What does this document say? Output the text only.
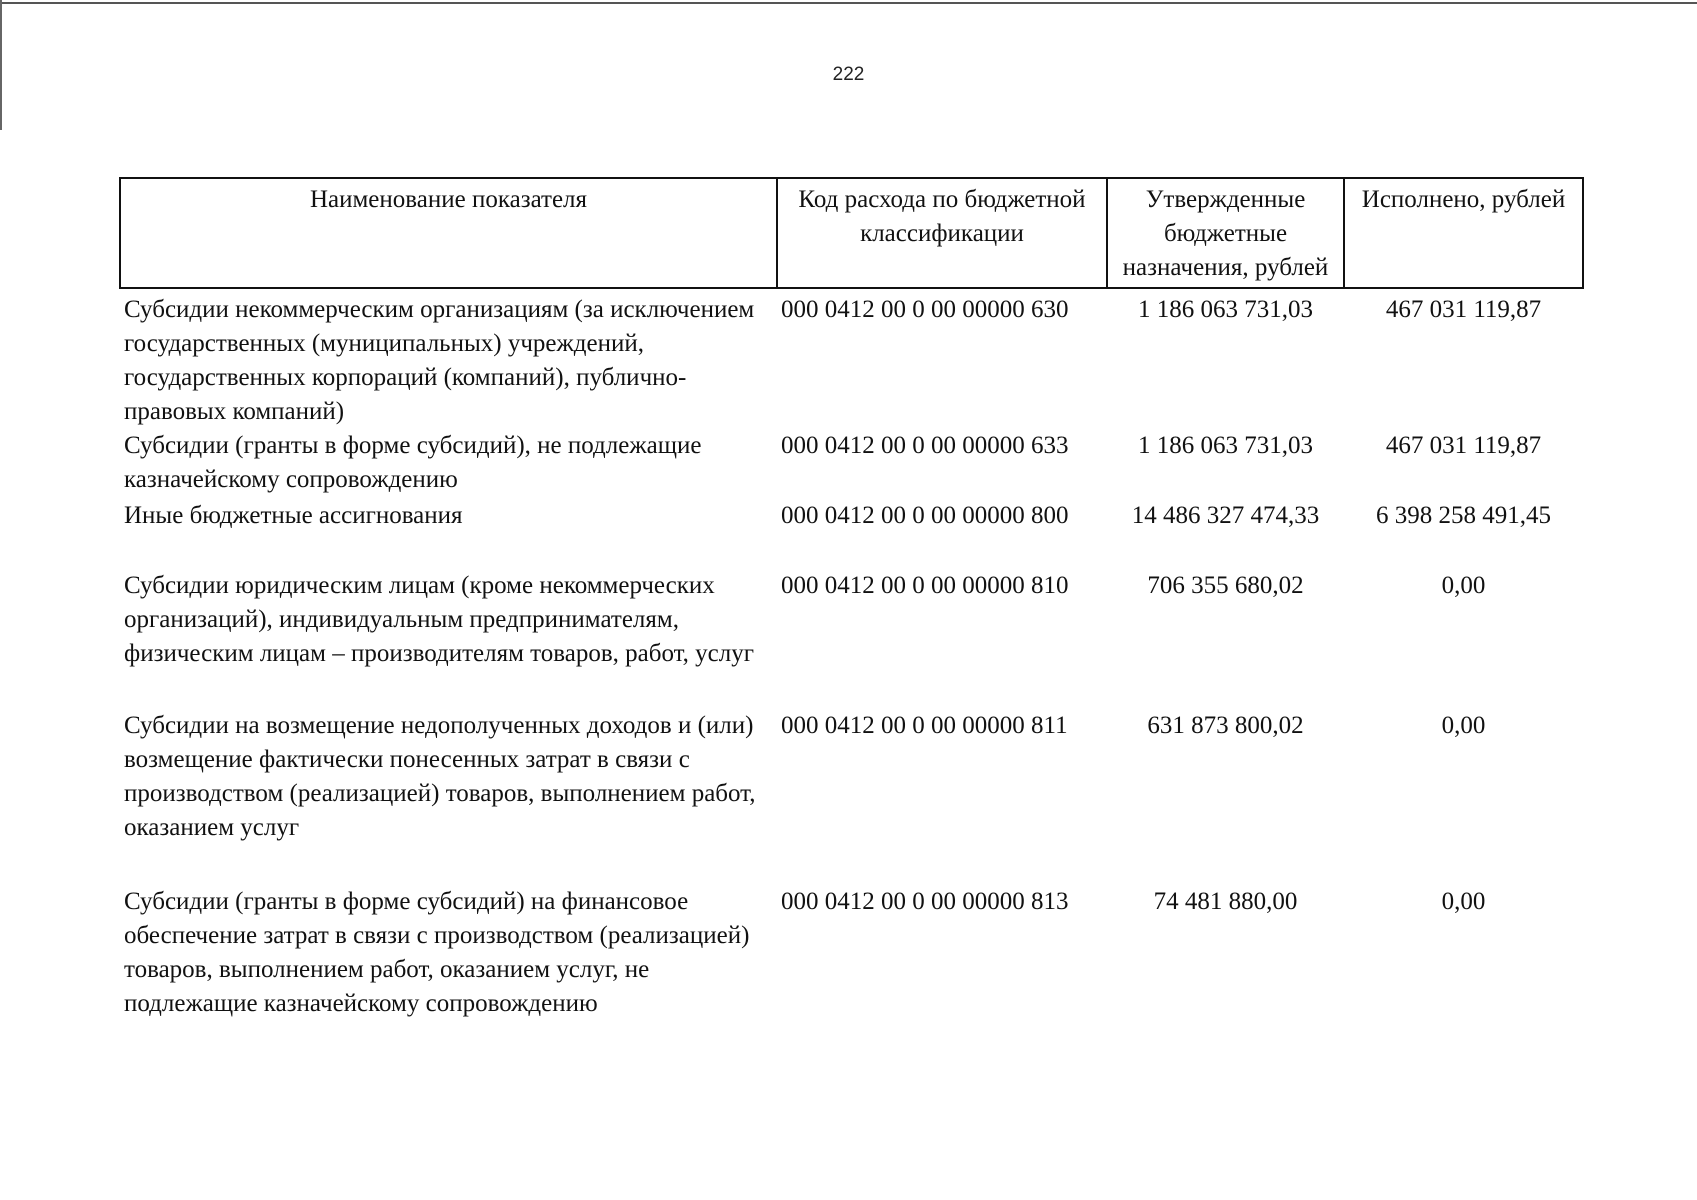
222
Наименование показателя	Код расхода по бюджетной классификации	Утвержденные бюджетные назначения, рублей	Исполнено, рублей
Субсидии некоммерческим организациям (за исключением государственных (муниципальных) учреждений, государственных корпораций (компаний), публично-правовых компаний)	000 0412 00 0 00 00000 630	1 186 063 731,03	467 031 119,87
Субсидии (гранты в форме субсидий), не подлежащие казначейскому сопровождению	000 0412 00 0 00 00000 633	1 186 063 731,03	467 031 119,87
Иные бюджетные ассигнования	000 0412 00 0 00 00000 800	14 486 327 474,33	6 398 258 491,45
Субсидии юридическим лицам (кроме некоммерческих организаций), индивидуальным предпринимателям, физическим лицам – производителям товаров, работ, услуг	000 0412 00 0 00 00000 810	706 355 680,02	0,00
Субсидии на возмещение недополученных доходов и (или) возмещение фактически понесенных затрат в связи с производством (реализацией) товаров, выполнением работ, оказанием услуг	000 0412 00 0 00 00000 811	631 873 800,02	0,00
Субсидии (гранты в форме субсидий) на финансовое обеспечение затрат в связи с производством (реализацией) товаров, выполнением работ, оказанием услуг, не подлежащие казначейскому сопровождению	000 0412 00 0 00 00000 813	74 481 880,00	0,00
